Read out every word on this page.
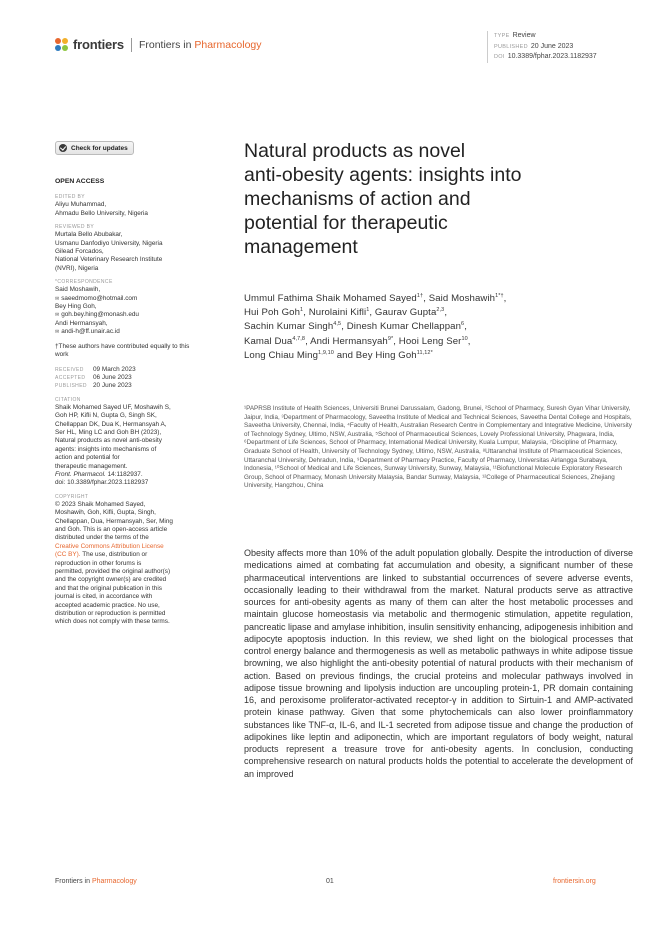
frontiers Frontiers in Pharmacology
TYPE Review
PUBLISHED 20 June 2023
DOI 10.3389/fphar.2023.1182937
Check for updates
OPEN ACCESS
EDITED BY
Aliyu Muhammad,
Ahmadu Bello University, Nigeria
REVIEWED BY
Murtala Bello Abubakar,
Usmanu Danfodiyo University, Nigeria
Gilead Forcados,
National Veterinary Research Institute
(NVRI), Nigeria
*CORRESPONDENCE
Said Moshawih,
✉ saeedmomo@hotmail.com
Bey Hing Goh,
✉ goh.bey.hing@monash.edu
Andi Hermansyah,
✉ andi-h@ff.unair.ac.id
†These authors have contributed equally to this work
RECEIVED	09 March 2023
ACCEPTED	06 June 2023
PUBLISHED 20 June 2023
CITATION
Shaik Mohamed Sayed UF, Moshawih S,
Goh HP, Kifli N, Gupta G, Singh SK,
Chellappan DK, Dua K, Hermansyah A,
Ser HL, Ming LC and Goh BH (2023),
Natural products as novel anti-obesity
agents: insights into mechanisms of
action and potential for
therapeutic management.
Front. Pharmacol. 14:1182937.
doi: 10.3389/fphar.2023.1182937
COPYRIGHT
© 2023 Shaik Mohamed Sayed,
Moshawih, Goh, Kifli, Gupta, Singh,
Chellappan, Dua, Hermansyah, Ser, Ming
and Goh. This is an open-access article
distributed under the terms of the
Creative Commons Attribution License
(CC BY). The use, distribution or
reproduction in other forums is
permitted, provided the original author(s)
and the copyright owner(s) are credited
and that the original publication in this
journal is cited, in accordance with
accepted academic practice. No use,
distribution or reproduction is permitted
which does not comply with these terms.
Natural products as novel
anti-obesity agents: insights into
mechanisms of action and
potential for therapeutic
management
Ummul Fathima Shaik Mohamed Sayed$^{1\dagger}$, Said Moshawih$^{1*\dagger}$,
Hui Poh Goh$^1$, Nurolaini Kifli$^1$, Gaurav Gupta$^{2,3}$,
Sachin Kumar Singh$^{4,5}$, Dinesh Kumar Chellappan$^6$,
Kamal Dua$^{4,7,8}$, Andi Hermansyah$^{9*}$, Hooi Leng Ser$^{10}$,
Long Chiau Ming$^{1,9,10}$ and Bey Hing Goh$^{11,12*}$
¹PAPRSB Institute of Health Sciences, Universiti Brunei Darussalam, Gadong, Brunei, ²School of Pharmacy, Suresh Gyan Vihar University, Jaipur, India, ³Department of Pharmacology, Saveetha Institute of Medical and Technical Sciences, Saveetha Dental College and Hospitals, Saveetha University, Chennai, India, ⁴Faculty of Health, Australian Research Centre in Complementary and Integrative Medicine, University of Technology Sydney, Ultimo, NSW, Australia, ⁵School of Pharmaceutical Sciences, Lovely Professional University, Phagwara, India, ⁶Department of Life Sciences, School of Pharmacy, International Medical University, Kuala Lumpur, Malaysia, ⁷Discipline of Pharmacy, Graduate School of Health, University of Technology Sydney, Ultimo, NSW, Australia, ⁸Uttaranchal Institute of Pharmaceutical Sciences, Uttaranchal University, Dehradun, India, ⁹Department of Pharmacy Practice, Faculty of Pharmacy, Universitas Airlangga Surabaya, Indonesia, ¹⁰School of Medical and Life Sciences, Sunway University, Sunway, Malaysia, ¹¹Biofunctional Molecule Exploratory Research Group, School of Pharmacy, Monash University Malaysia, Bandar Sunway, Malaysia, ¹²College of Pharmaceutical Sciences, Zhejiang University, Hangzhou, China
Obesity affects more than 10% of the adult population globally. Despite the introduction of diverse medications aimed at combating fat accumulation and obesity, a significant number of these pharmaceutical interventions are linked to substantial occurrences of severe adverse events, occasionally leading to their withdrawal from the market. Natural products serve as attractive sources for anti-obesity agents as many of them can alter the host metabolic processes and maintain glucose homeostasis via metabolic and thermogenic stimulation, appetite regulation, pancreatic lipase and amylase inhibition, insulin sensitivity enhancing, adipogenesis inhibition and adipocyte apoptosis induction. In this review, we shed light on the biological processes that control energy balance and thermogenesis as well as metabolic pathways in white adipose tissue browning, we also highlight the anti-obesity potential of natural products with their mechanism of action. Based on previous findings, the crucial proteins and molecular pathways involved in adipose tissue browning and lipolysis induction are uncoupling protein-1, PR domain containing 16, and peroxisome proliferator-activated receptor-γ in addition to Sirtuin-1 and AMP-activated protein kinase pathway. Given that some phytochemicals can also lower proinflammatory substances like TNF-α, IL-6, and IL-1 secreted from adipose tissue and change the production of adipokines like leptin and adiponectin, which are important regulators of body weight, natural products represent a treasure trove for anti-obesity agents. In conclusion, conducting comprehensive research on natural products holds the potential to accelerate the development of an improved
Frontiers in Pharmacology	01	frontiersin.org
